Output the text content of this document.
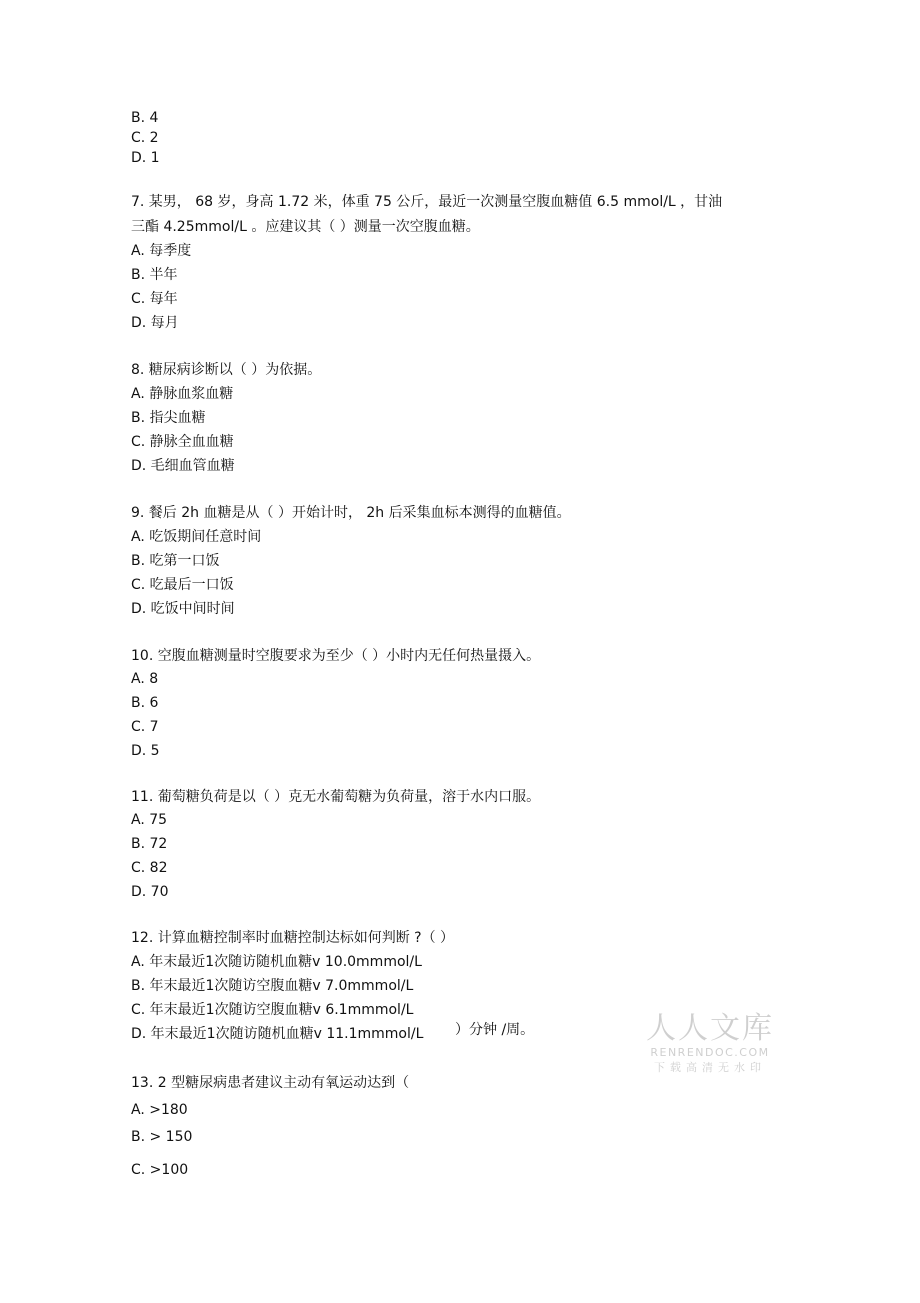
B. 4
C. 2
D. 1
7. 某男， 68 岁，身高 1.72 米，体重 75 公斤，最近一次测量空腹血糖值 6.5 mmol/L ，甘油
三酯 4.25mmol/L 。应建议其（ ）测量一次空腹血糖。
A. 每季度
B. 半年
C. 每年
D. 每月
8. 糖尿病诊断以（ ）为依据。
A. 静脉血浆血糖
B. 指尖血糖
C. 静脉全血血糖
D. 毛细血管血糖
9. 餐后 2h 血糖是从（ ）开始计时， 2h 后采集血标本测得的血糖值。
A. 吃饭期间任意时间
B. 吃第一口饭
C. 吃最后一口饭
D. 吃饭中间时间
10. 空腹血糖测量时空腹要求为至少（ ）小时内无任何热量摄入。
A. 8
B. 6
C. 7
D. 5
11. 葡萄糖负荷是以（ ）克无水葡萄糖为负荷量，溶于水内口服。
A. 75
B. 72
C. 82
D. 70
12. 计算血糖控制率时血糖控制达标如何判断 ?（ ）
A. 年末最近1次随访随机血糖v 10.0mmmol/L
B. 年末最近1次随访空腹血糖v 7.0mmmol/L
C. 年末最近1次随访空腹血糖v 6.1mmmol/L
D. 年末最近1次随访随机血糖v 11.1mmmol/L ）分钟 /周。
13. 2 型糖尿病患者建议主动有氧运动达到（
A. >180
B. > 150
C. >100
人人文库
RENRENDOC.COM
下载高清无水印
